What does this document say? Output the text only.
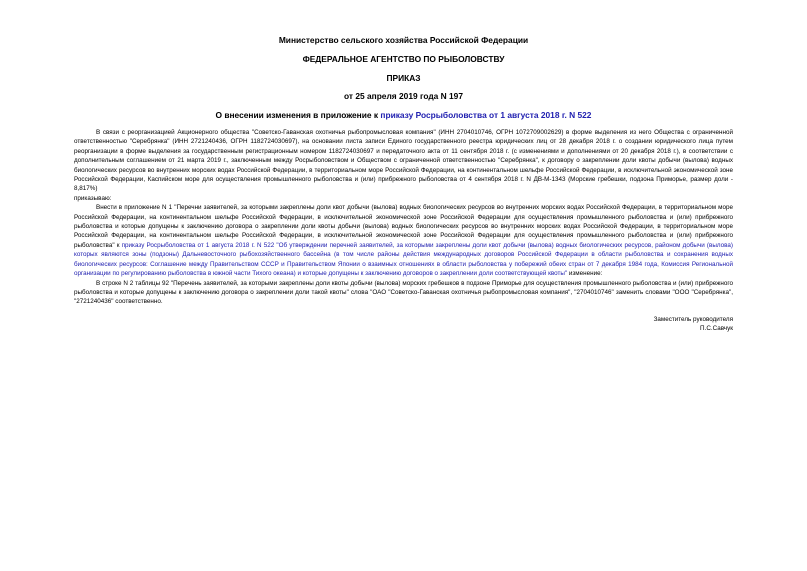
Министерство сельского хозяйства Российской Федерации
ФЕДЕРАЛЬНОЕ АГЕНТСТВО ПО РЫБОЛОВСТВУ
ПРИКАЗ
от 25 апреля 2019 года N 197
О внесении изменения в приложение к приказу Росрыболовства от 1 августа 2018 г. N 522

В связи с реорганизацией Акционерного общества "Советско-Гаванская охотничья рыбопромысловая компания" (ИНН 2704010746, ОГРН 1072709002629) в форме выделения из него Общества с ограниченной ответственностью "Серебрянка" (ИНН 2721240436, ОГРН 1182724030697), на основании листа записи Единого государственного реестра юридических лиц от 28 декабря 2018 г. о создании юридического лица путем реорганизации в форме выделения за государственным регистрационным номером 1182724030697 и передаточного акта от 11 сентября 2018 г. (с изменениями и дополнениями от 20 декабря 2018 г.), в соответствии с дополнительным соглашением от 21 марта 2019 г., заключенным между Росрыболовством и Обществом с ограниченной ответственностью "Серебрянка", к договору о закреплении доли квоты добычи (вылова) водных биологических ресурсов во внутренних морских водах Российской Федерации, в территориальном море Российской Федерации, на континентальном шельфе Российской Федерации, в исключительной экономической зоне Российской Федерации, Каспийском море для осуществления промышленного рыболовства и (или) прибрежного рыболовства от 4 сентября 2018 г. N ДВ-М-1343 (Морские гребешки, подзона Приморье, размер доли - 8,817%)

приказываю:

Внести в приложение N 1 "Перечни заявителей, за которыми закреплены доли квот добычи (вылова) водных биологических ресурсов во внутренних морских водах Российской Федерации, в территориальном море Российской Федерации, на континентальном шельфе Российской Федерации, в исключительной экономической зоне Российской Федерации для осуществления промышленного рыболовства и (или) прибрежного рыболовства и которые допущены к заключению договора о закреплении доли квоты добычи (вылова) водных биологических ресурсов во внутренних морских водах Российской Федерации, в территориальном море Российской Федерации, на континентальном шельфе Российской Федерации, в исключительной экономической зоне Российской Федерации для осуществления промышленного рыболовства и (или) прибрежного рыболовства" к приказу Росрыболовства от 1 августа 2018 г. N 522 "Об утверждении перечней заявителей, за которыми закреплены доли квот добычи (вылова) водных биологических ресурсов, районом добычи (вылова) которых являются зоны (подзоны) Дальневосточного рыбохозяйственного бассейна (в том числе районы действия международных договоров Российской Федерации в области рыболовства и сохранения водных биологических ресурсов: Соглашение между Правительством СССР и Правительством Японии о взаимных отношениях в области рыболовства у побережий обеих стран от 7 декабря 1984 года, Комиссия Региональной организации по регулированию рыболовства в южной части Тихого океана) и которые допущены к заключению договоров о закреплении доли соответствующей квоты" изменение:

В строке N 2 таблицы 92 "Перечень заявителей, за которыми закреплены доли квоты добычи (вылова) морских гребешков в подзоне Приморье для осуществления промышленного рыболовства и (или) прибрежного рыболовства и которые допущены к заключению договора о закреплении доли такой квоты" слова "ОАО "Советско-Гаванская охотничья рыбопромысловая компания", "2704010746" заменить словами "ООО "Серебрянка", "2721240436" соответственно.

Заместитель руководителя
П.С.Савчук
